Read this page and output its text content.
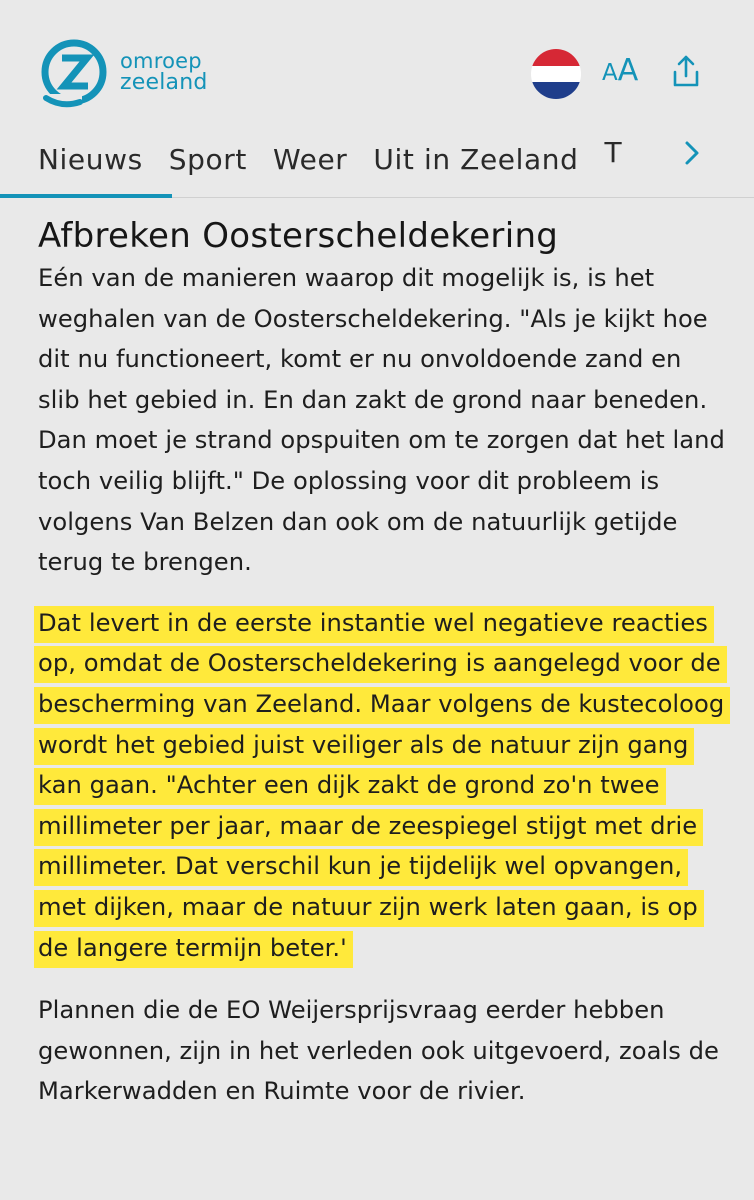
omroep
zeeland	AA
Nieuws Sport Weer Uit in Zeeland T
Afbreken Oosterscheldekering

Eén van de manieren waarop dit mogelijk is, is het weghalen van de Oosterscheldekering. "Als je kijkt hoe dit nu functioneert, komt er nu onvoldoende zand en slib het gebied in. En dan zakt de grond naar beneden. Dan moet je strand opspuiten om te zorgen dat het land toch veilig blijft." De oplossing voor dit probleem is volgens Van Belzen dan ook om de natuurlijk getijde terug te brengen.

Dat levert in de eerste instantie wel negatieve reacties op, omdat de Oosterscheldekering is aangelegd voor de bescherming van Zeeland. Maar volgens de kustecoloog wordt het gebied juist veiliger als de natuur zijn gang kan gaan. "Achter een dijk zakt de grond zo'n twee millimeter per jaar, maar de zeespiegel stijgt met drie millimeter. Dat verschil kun je tijdelijk wel opvangen, met dijken, maar de natuur zijn werk laten gaan, is op de langere termijn beter.'

Plannen die de EO Weijersprijsvraag eerder hebben gewonnen, zijn in het verleden ook uitgevoerd, zoals de Markerwadden en Ruimte voor de rivier.
